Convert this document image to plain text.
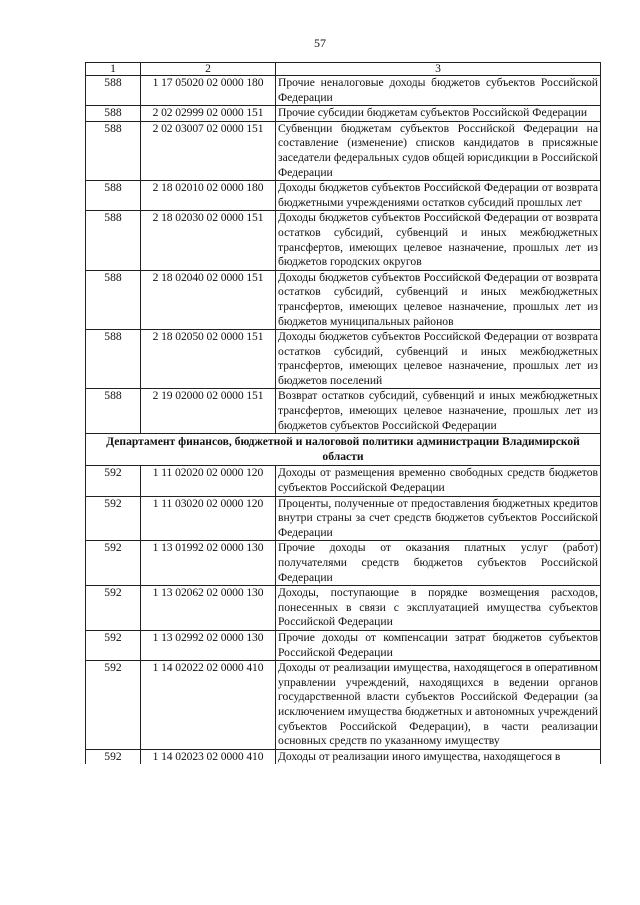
57
1	2	3
588	1 17 05020 02 0000 180	Прочие неналоговые доходы бюджетов субъектов Российской Федерации
588	2 02 02999 02 0000 151	Прочие субсидии бюджетам субъектов Российской Федерации
588	2 02 03007 02 0000 151	Субвенции бюджетам субъектов Российской Федерации на составление (изменение) списков кандидатов в присяжные заседатели федеральных судов общей юрисдикции в Российской Федерации
588	2 18 02010 02 0000 180	Доходы бюджетов субъектов Российской Федерации от возврата бюджетными учреждениями остатков субсидий прошлых лет
588	2 18 02030 02 0000 151	Доходы бюджетов субъектов Российской Федерации от возврата остатков субсидий, субвенций и иных межбюджетных трансфертов, имеющих целевое назначение, прошлых лет из бюджетов городских округов
588	2 18 02040 02 0000 151	Доходы бюджетов субъектов Российской Федерации от возврата остатков субсидий, субвенций и иных межбюджетных трансфертов, имеющих целевое назначение, прошлых лет из бюджетов муниципальных районов
588	2 18 02050 02 0000 151	Доходы бюджетов субъектов Российской Федерации от возврата остатков субсидий, субвенций и иных межбюджетных трансфертов, имеющих целевое назначение, прошлых лет из бюджетов поселений
588	2 19 02000 02 0000 151	Возврат остатков субсидий, субвенций и иных межбюджетных трансфертов, имеющих целевое назначение, прошлых лет из бюджетов субъектов Российской Федерации
Департамент финансов, бюджетной и налоговой политики администрации Владимирской области		
592	1 11 02020 02 0000 120	Доходы от размещения временно свободных средств бюджетов субъектов Российской Федерации
592	1 11 03020 02 0000 120	Проценты, полученные от предоставления бюджетных кредитов внутри страны за счет средств бюджетов субъектов Российской Федерации
592	1 13 01992 02 0000 130	Прочие доходы от оказания платных услуг (работ) получателями средств бюджетов субъектов Российской Федерации
592	1 13 02062 02 0000 130	Доходы, поступающие в порядке возмещения расходов, понесенных в связи с эксплуатацией имущества субъектов Российской Федерации
592	1 13 02992 02 0000 130	Прочие доходы от компенсации затрат бюджетов субъектов Российской Федерации
592	1 14 02022 02 0000 410	Доходы от реализации имущества, находящегося в оперативном управлении учреждений, находящихся в ведении органов государственной власти субъектов Российской Федерации (за исключением имущества бюджетных и автономных учреждений субъектов Российской Федерации), в части реализации основных средств по указанному имуществу
592	1 14 02023 02 0000 410	Доходы от реализации иного имущества, находящегося в
